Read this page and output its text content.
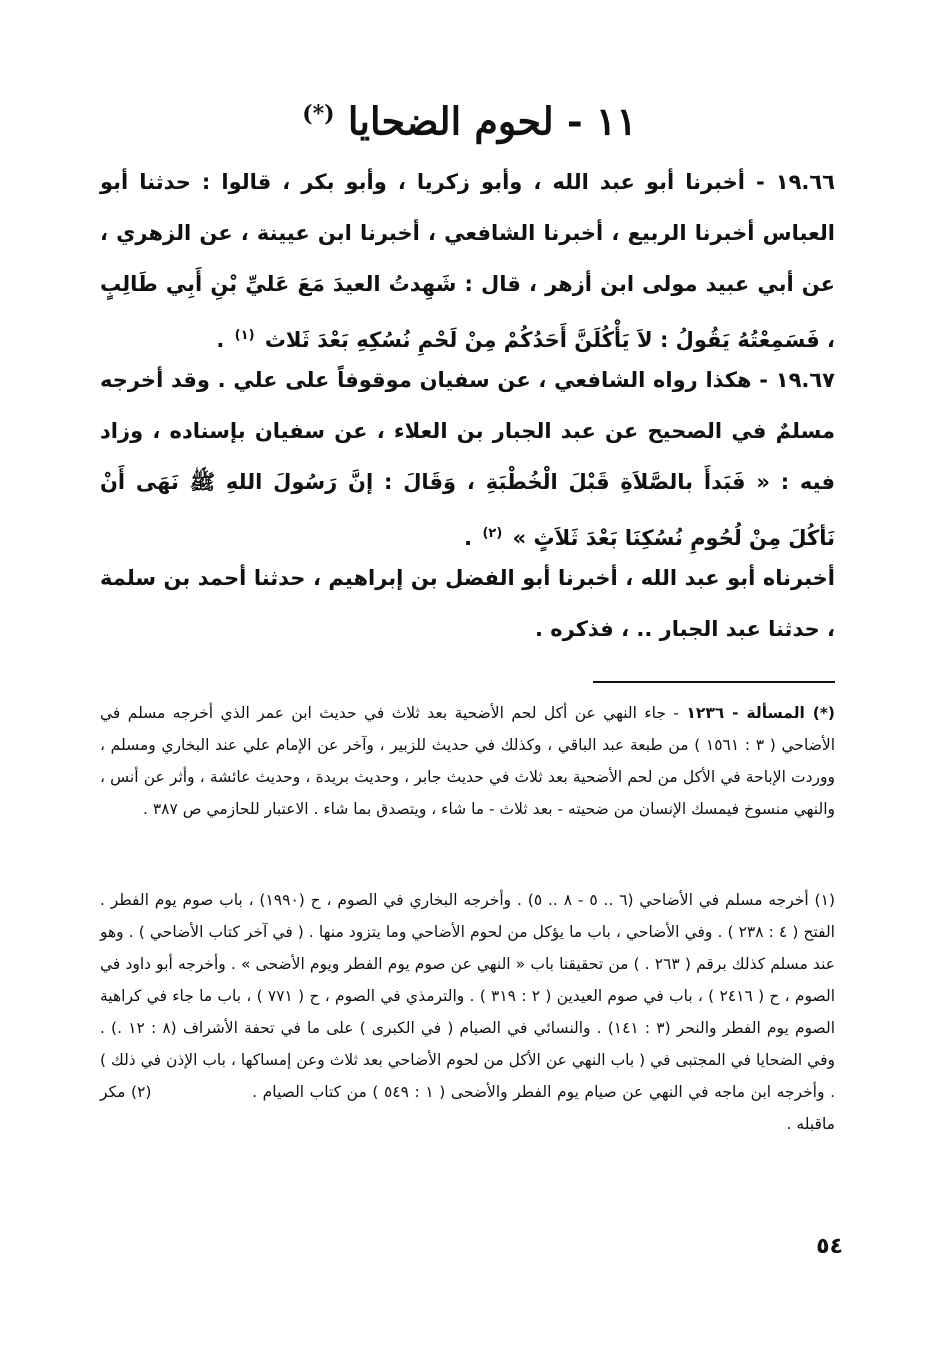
١١ - لحوم الضحايا (*)

١٩.٦٦ - أخبرنا أبو عبد الله ، وأبو زكريا ، وأبو بكر ، قالوا : حدثنا أبو العباس أخبرنا الربيع ، أخبرنا الشافعي ، أخبرنا ابن عيينة ، عن الزهري ، عن أبي عبيد مولى ابن أزهر ، قال : شَهِدتُ العيدَ مَعَ عَليِّ بْنِ أَبِي طَالِبٍ ، فَسَمِعْتُهُ يَقُولُ : لاَ يَأْكُلَنَّ أَحَدُكُمْ مِنْ لَحْمِ نُسُكِهِ بَعْدَ ثَلاث $^{(١)}$ .

١٩.٦٧ - هكذا رواه الشافعي ، عن سفيان موقوفاً على علي . وقد أخرجه مسلمٌ في الصحيح عن عبد الجبار بن العلاء ، عن سفيان بإسناده ، وزاد فيه : « فَبَدأَ بالصَّلاَةِ قَبْلَ الْخُطْبَةِ ، وَقَالَ : إنَّ رَسُولَ اللهِ ﷺ نَهَى أَنْ نَأكُلَ مِنْ لُحُومِ نُسُكِنَا بَعْدَ ثَلاَثٍ » $^{(٢)}$ .

أخبرناه أبو عبد الله ، أخبرنا أبو الفضل بن إبراهيم ، حدثنا أحمد بن سلمة ، حدثنا عبد الجبار .. ، فذكره .

(*) المسألة - ١٢٣٦ - جاء النهي عن أكل لحم الأضحية بعد ثلاث في حديث ابن عمر الذي أخرجه مسلم في الأضاحي ( ٣ : ١٥٦١ ) من طبعة عبد الباقي ، وكذلك في حديث للزبير ، وآخر عن الإمام علي عند البخاري ومسلم ، ووردت الإباحة في الأكل من لحم الأضحية بعد ثلاث في حديث جابر ، وحديث بريدة ، وحديث عائشة ، وأثر عن أنس ، والنهي منسوخ فيمسك الإنسان من ضحيته - بعد ثلاث - ما شاء ، ويتصدق بما شاء . الاعتبار للحازمي ص ٣٨٧ .

(١) أخرجه مسلم في الأضاحي (٦ .. ٥ - ٨ .. ٥) . وأخرجه البخاري في الصوم ، ح (١٩٩٠) ، باب صوم يوم الفطر . الفتح ( ٤ : ٢٣٨ ) . وفي الأضاحي ، باب ما يؤكل من لحوم الأضاحي وما يتزود منها . ( في آخر كتاب الأضاحي ) . وهو عند مسلم كذلك برقم ( ٢٦٣ . ) من تحقيقنا باب « النهي عن صوم يوم الفطر ويوم الأضحى » . وأخرجه أبو داود في الصوم ، ح ( ٢٤١٦ ) ، باب في صوم العيدين ( ٢ : ٣١٩ ) . والترمذي في الصوم ، ح ( ٧٧١ ) ، باب ما جاء في كراهية الصوم يوم الفطر والنحر (٣ : ١٤١) . والنسائي في الصيام ( في الكبرى ) على ما في تحفة الأشراف (٨ : ١٢ .) . وفي الضحايا في المجتبى في ( باب النهي عن الأكل من لحوم الأضاحي بعد ثلاث وعن إمساكها ، باب الإذن في ذلك ) . وأخرجه ابن ماجه في النهي عن صيام يوم الفطر والأضحى ( ١ : ٥٤٩ ) من كتاب الصيام .                  (٢) مكر ماقبله .

٥٤
